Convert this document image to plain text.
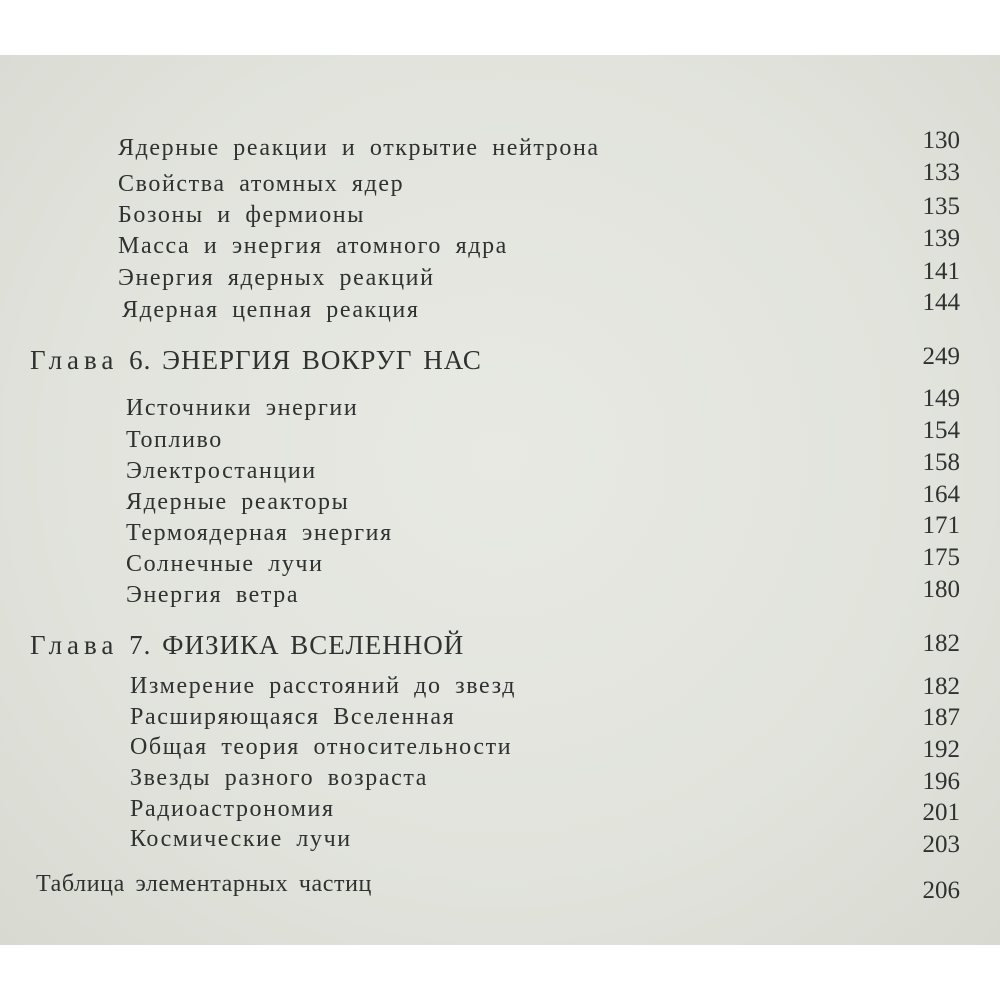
Ядерные реакции и открытие нейтрона	130
Свойства атомных ядер	133
Бозоны и фермионы	135
Масса и энергия атомного ядра	139
Энергия ядерных реакций	141
Ядерная цепная реакция	144
Глава 6. ЭНЕРГИЯ ВОКРУГ НАС	249
Источники энергии	149
Топливо	154
Электростанции	158
Ядерные реакторы	164
Термоядерная энергия	171
Солнечные лучи	175
Энергия ветра	180
Глава 7. ФИЗИКА ВСЕЛЕННОЙ	182
Измерение расстояний до звезд	182
Расширяющаяся Вселенная	187
Общая теория относительности	192
Звезды разного возраста	196
Радиоастрономия	201
Космические лучи	203
Таблица элементарных частиц	206
